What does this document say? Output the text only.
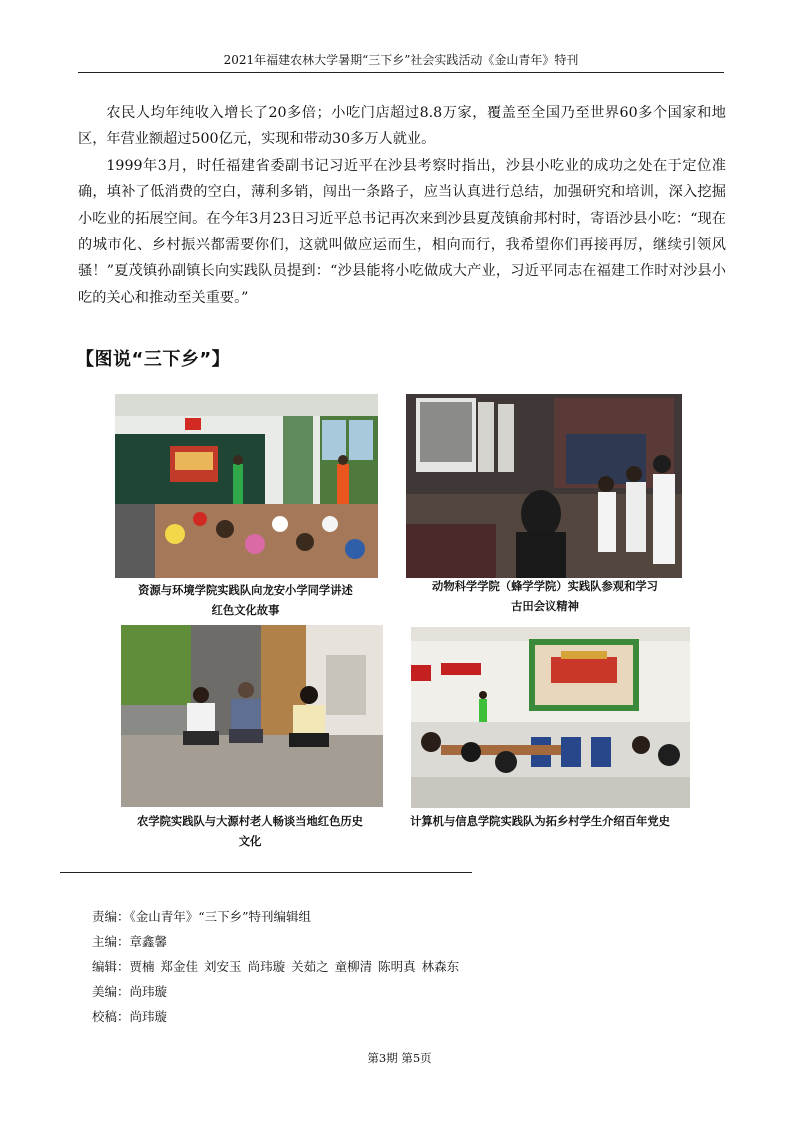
2021年福建农林大学暑期“三下乡”社会实践活动《金山青年》特刊

农民人均年纯收入增长了20多倍；小吃门店超过8.8万家，覆盖至全国乃至世界60多个国家和地区，年营业额超过500亿元，实现和带动30多万人就业。

1999年3月，时任福建省委副书记习近平在沙县考察时指出，沙县小吃业的成功之处在于定位准确，填补了低消费的空白，薄利多销，闯出一条路子，应当认真进行总结，加强研究和培训，深入挖掘小吃业的拓展空间。在今年3月23日习近平总书记再次来到沙县夏茂镇俞邦村时，寄语沙县小吃：“现在的城市化、乡村振兴都需要你们，这就叫做应运而生，相向而行，我希望你们再接再厉，继续引领风骚！”夏茂镇孙副镇长向实践队员提到：“沙县能将小吃做成大产业，习近平同志在福建工作时对沙县小吃的关心和推动至关重要。”

【图说“三下乡”】
资源与环境学院实践队向龙安小学同学讲述
红色文化故事
动物科学学院（蜂学学院）实践队参观和学习
古田会议精神
农学院实践队与大源村老人畅谈当地红色历史
文化
计算机与信息学院实践队为拓乡村学生介绍百年党史
责编：《金山青年》“三下乡”特刊编辑组
主编：章鑫馨
编辑：贾楠 郑金佳 刘安玉 尚玮璇 关茹之 童柳清 陈明真 林森东
美编：尚玮璇
校稿：尚玮璇
第3期 第5页
